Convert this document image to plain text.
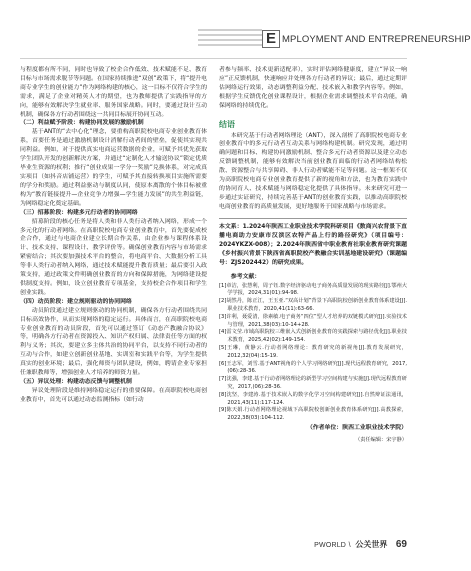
E MPLOYMENT AND ENTREPRENEURSHIP

与程度都有所不同，同时也导致了校企合作低效、技术赋能不足、教育目标与市场需求脱节等问题。在国家持续推进“双创”政策下，将“提升电商专业学生的创业能力”作为网络构建的核心，这一目标不仅符合学生的需求，满足了企业对精英人才的期望，也为教师提供了实践指导的方向，能够有效解决学生就业率、服务国家战略。同时，要通过设计互动机制，确保各方行动者围绕这一共同目标展开协同互动。

（二）利益赋予阶段：构建协同发展的激励机制

基于ANT的“去中心化”理念，要重构高职院校电商专业创业教育体系，首要任务是通过激励机制设计消解行动者间的壁垒，促使其实现共同利益。例如，对于提供真实电商运营数据的企业，可赋予其优先获取学生团队开发的创新解决方案，并通过“定制化人才输送协议”锁定优质毕业生资源的权利；推行“创业成果一学分一奖励”兑换体系，对完成真实项目（如抖音店铺运营）的学生，可赋予其直接转换项目实施所需要的学分和奖励。通过利益驱动与制度认同，使原本离散的个体目标被重构为“教育链接提升—企业竞争力增强—学生能力发展”的共生利益链，为网络稳定化奠定基础。

（三）招募阶段：构建多元行动者的协同网络

招募阶段的核心任务是将人类和非人类行动者纳入网络，形成一个多元化的行动者网络。在高职院校电商专业创业教育中，首先要促成校企合作，通过与电商企业建立长期合作关系，由企业参与课程体系设计、技术支持、课程设计、教学评价等。确保创业教育内容与市场需求紧密结合；其次要加强技术平台的整合，将电商平台、大数据分析工具等非人类行动者纳入网络，通过技术赋能提升教育质量；最后要引入政策支持，通过政策文件明确创业教育的方向和保障措施，为网络建设提供制度支持。例如，设立创业教育专项基金，支持校企合作项目和学生创业实践。

（四）动员阶段：建立规则驱动的协同网络

动员阶段通过建立规则驱动的协同机制，确保各方行动者围绕共同目标高效协作，从而实现网络的稳定运行。具体而言，在高职院校电商专业创业教育的动员阶段，首先可以通过签订《动态产教融合协议》等，明确各方行动者在资源投入、知识产权归属、法律责任等方面的权利与义务；其次，要建立多主体共治的协同平台，以支持不同行动者的互动与合作，如建立创新创业基地、实训室和实践平台等，为学生提供真实的创业环境；最后，强化师资与团队建设，例如，聘请企业专家担任兼职教师等，增强创业人才培养的师资力量。

（五）异议处理：构建动态反馈与调整机制

异议处理阶段是维持网络稳定运行的重要保障。在高职院校电商创业教育中，首先可以通过动态监测指标（如行动

者参与频率、技术更新适配率），实时评估网络健康度，建立“异议一响应”正反馈机制，快速响应并处理各方行动者的异议；最后，通过定期评估网络运行效果，动态调整利益分配、技术嵌入和教学内容等。例如，根据学生反馈优化创业课程设计，根据企业需求调整技术平台功能，确保网络的持续优化。

结语

本研究基于行动者网络理论（ANT），深入剖析了高职院校电商专业创业教育中的多元行动者互动关系与网络构建机制。研究发现，通过明确问题和目标、构建协同激励机制、整合多元行动者资源以及建立动态反馈调整机制，能够有效解决当前创业教育面临的行动者网络结构松散、资源整合与共享障碍、非人行动者赋能不足等问题。这一框架不仅为高职院校电商专业创业教育提供了新的视角和方法，也为教育实践中的协同育人、技术赋能与网络稳定化提供了具体指导。未来研究可进一步通过实证研究，持续完善基于ANT的创业教育实践，以推动高职院校电商创业教育的高质量发展，更好地服务于国家战略与市场需求。

本文系：1.2024年陕西工业职业技术学院科研项目《数商兴农背景下直播电商助力安康市汉滨区农特产品上行的路径研究》（项目编号：2024YKZX-008）；2.2024年陕西省中职业教育社职业教育研究课题《乡村振兴背景下陕西省高职院校产教融合实训基地建设研究》（课题编号：ZJS202442）的研究成果。
参考文献：
[1]章洁，张慧利，周子钰.数字经济驱动电子商务高质量发展的现实路径[J].鄂州大学学报，2024,31(01):94-98.
[2]胡然丹，陈正江，王玉亚.“双高计划”背景下高职院校创新创业教育体系建设[J].职业技术教育，2020,41(11):63-66.
[3]许利，聂爱清，徐素敏.电子商务“四位”型人才培养的双链模式研究[J].实验技术与管理，2021,38(03):10-14+28.
[4]雷文莹.市域高职院校三维嵌入式创新创业教育的实践探索与路径优化[J].职业技术教育，2025,42(02):149-154.
[5]王琳，黄静云.行动者网络理论：教育研究的新视角[J].教育发展研究，2012,32(04):15-19.
[6]王志军，刘雪.基于ANT视角的个人学习网络研究[J].现代远程教育研究，2017,(06):28-36.
[7]沈强，李建.基于行动者网络理论的新型学习空间构建与实施[J].现代远程教育研究，2017,(06):28-36.
[8]沈坚，李建涛.基于技术嵌入的数字化学习空间构建研究[J].自然辩证法通讯，2021,43(11):117-124.
[9]陈天娟.行动者网络理论视域下高职院校创新创业教育体系研究[J].高教探索，2022,38(03):104-112.
（作者单位：陕西工业职业技术学院）
（责任编辑：宋宇静）
PWORLD \ 公关世界 69
